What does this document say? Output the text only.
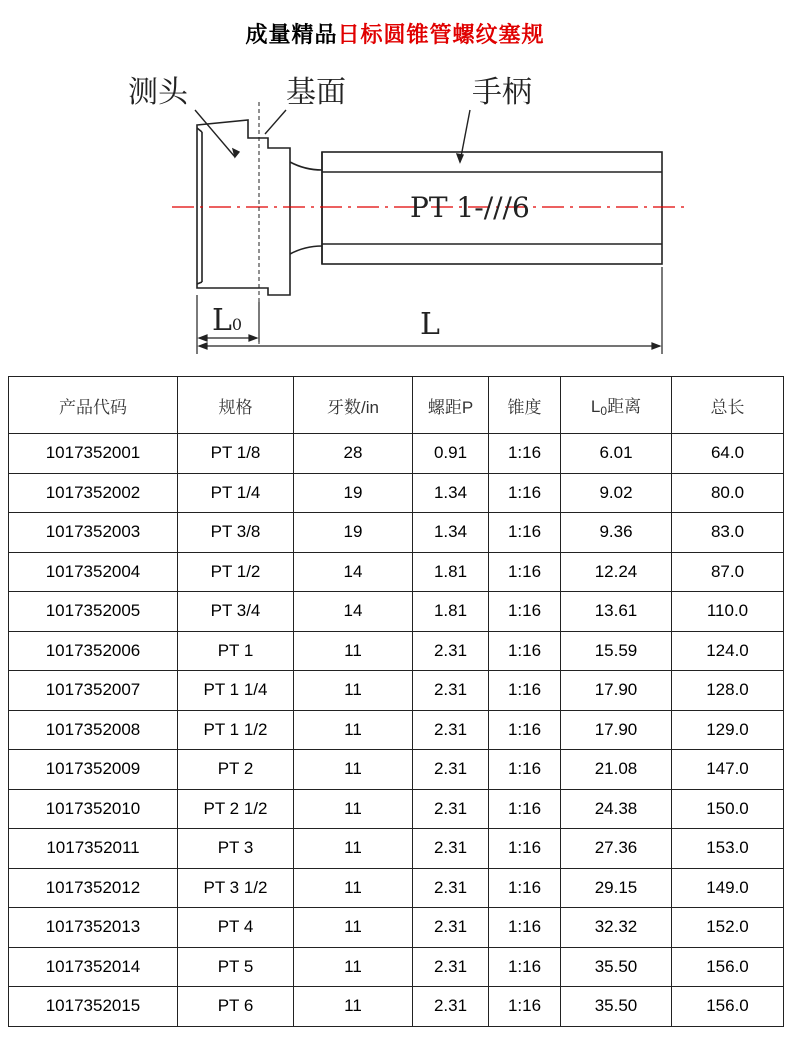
成量精品日标圆锥管螺纹塞规
测头	基面	手柄
PT 1-///6
L0	L
产品代码	规格	牙数/in	螺距P	锥度	$L_0$距离	总长
1017352001	PT 1/8	28	0.91	1:16	6.01	64.0
1017352002	PT 1/4	19	1.34	1:16	9.02	80.0
1017352003	PT 3/8	19	1.34	1:16	9.36	83.0
1017352004	PT 1/2	14	1.81	1:16	12.24	87.0
1017352005	PT 3/4	14	1.81	1:16	13.61	110.0
1017352006	PT 1	11	2.31	1:16	15.59	124.0
1017352007	PT 1 1/4	11	2.31	1:16	17.90	128.0
1017352008	PT 1 1/2	11	2.31	1:16	17.90	129.0
1017352009	PT 2	11	2.31	1:16	21.08	147.0
1017352010	PT 2 1/2	11	2.31	1:16	24.38	150.0
1017352011	PT 3	11	2.31	1:16	27.36	153.0
1017352012	PT 3 1/2	11	2.31	1:16	29.15	149.0
1017352013	PT 4	11	2.31	1:16	32.32	152.0
1017352014	PT 5	11	2.31	1:16	35.50	156.0
1017352015	PT 6	11	2.31	1:16	35.50	156.0
